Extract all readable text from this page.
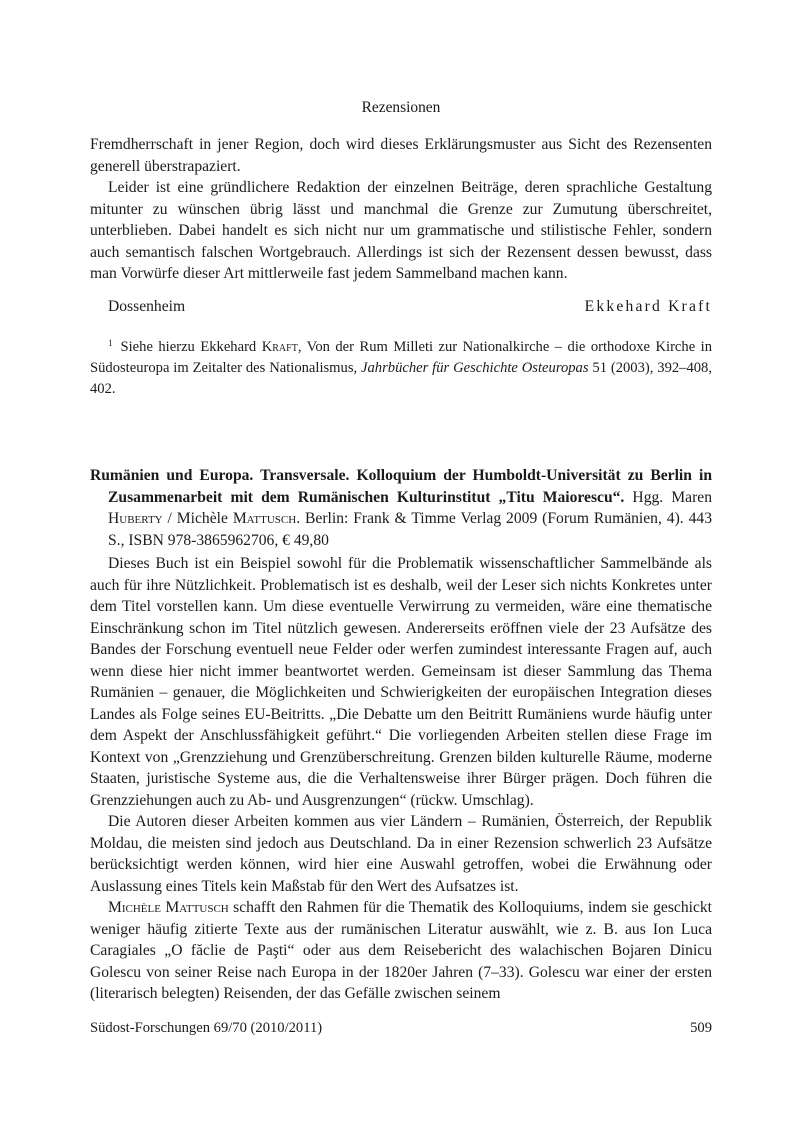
Rezensionen

Fremdherrschaft in jener Region, doch wird dieses Erklärungsmuster aus Sicht des Rezensenten generell überstrapaziert.

Leider ist eine gründlichere Redaktion der einzelnen Beiträge, deren sprachliche Gestaltung mitunter zu wünschen übrig lässt und manchmal die Grenze zur Zumutung überschreitet, unterblieben. Dabei handelt es sich nicht nur um grammatische und stilistische Fehler, sondern auch semantisch falschen Wortgebrauch. Allerdings ist sich der Rezensent dessen bewusst, dass man Vorwürfe dieser Art mittlerweile fast jedem Sammelband machen kann.

Dossenheim	Ekkehard Kraft
$^1$ Siehe hierzu Ekkehard Kraft, Von der Rum Milleti zur Nationalkirche – die orthodoxe Kirche in Südosteuropa im Zeitalter des Nationalismus, Jahrbücher für Geschichte Osteuropas 51 (2003), 392–408, 402.
Rumänien und Europa. Transversale. Kolloquium der Humboldt-Universität zu Berlin in Zusammenarbeit mit dem Rumänischen Kulturinstitut „Titu Maiorescu“. Hgg. Maren Huberty / Michèle Mattusch. Berlin: Frank & Timme Verlag 2009 (Forum Rumänien, 4). 443 S., ISBN 978-3865962706, € 49,80

Dieses Buch ist ein Beispiel sowohl für die Problematik wissenschaftlicher Sammelbände als auch für ihre Nützlichkeit. Problematisch ist es deshalb, weil der Leser sich nichts Konkretes unter dem Titel vorstellen kann. Um diese eventuelle Verwirrung zu vermeiden, wäre eine thematische Einschränkung schon im Titel nützlich gewesen. Andererseits eröffnen viele der 23 Aufsätze des Bandes der Forschung eventuell neue Felder oder werfen zumindest interessante Fragen auf, auch wenn diese hier nicht immer beantwortet werden. Gemeinsam ist dieser Sammlung das Thema Rumänien – genauer, die Möglichkeiten und Schwierigkeiten der europäischen Integration dieses Landes als Folge seines EU-Beitritts. „Die Debatte um den Beitritt Rumäniens wurde häufig unter dem Aspekt der Anschlussfähigkeit geführt.“ Die vorliegenden Arbeiten stellen diese Frage im Kontext von „Grenzziehung und Grenzüberschreitung. Grenzen bilden kulturelle Räume, moderne Staaten, juristische Systeme aus, die die Verhaltensweise ihrer Bürger prägen. Doch führen die Grenzziehungen auch zu Ab- und Ausgrenzungen“ (rückw. Umschlag).

Die Autoren dieser Arbeiten kommen aus vier Ländern – Rumänien, Österreich, der Republik Moldau, die meisten sind jedoch aus Deutschland. Da in einer Rezension schwerlich 23 Aufsätze berücksichtigt werden können, wird hier eine Auswahl getroffen, wobei die Erwähnung oder Auslassung eines Titels kein Maßstab für den Wert des Aufsatzes ist.

Michèle Mattusch schafft den Rahmen für die Thematik des Kolloquiums, indem sie geschickt weniger häufig zitierte Texte aus der rumänischen Literatur auswählt, wie z. B. aus Ion Luca Caragiales „O făclie de Paşti“ oder aus dem Reisebericht des walachischen Bojaren Dinicu Golescu von seiner Reise nach Europa in der 1820er Jahren (7–33). Golescu war einer der ersten (literarisch belegten) Reisenden, der das Gefälle zwischen seinem

Südost-Forschungen 69/70 (2010/2011)	509
